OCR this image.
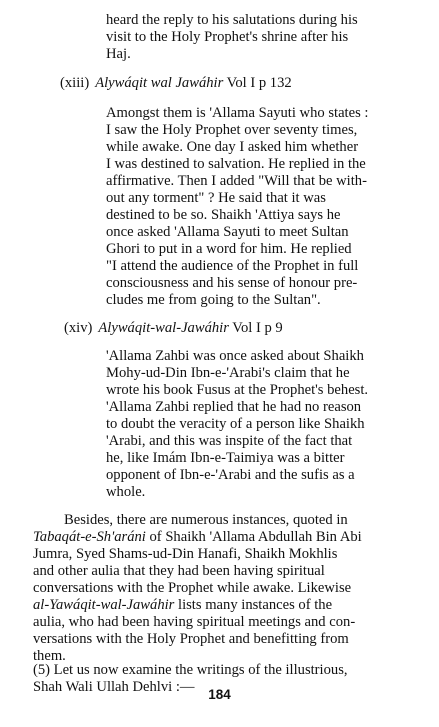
heard the reply to his salutations during his
visit to the Holy Prophet's shrine after his
Haj.
(xiii) Alywáqit wal Jawáhir Vol I p 132
Amongst them is 'Allama Sayuti who states :
I saw the Holy Prophet over seventy times,
while awake. One day I asked him whether
I was destined to salvation. He replied in the
affirmative. Then I added "Will that be with-
out any torment" ? He said that it was
destined to be so. Shaikh 'Attiya says he
once asked 'Allama Sayuti to meet Sultan
Ghori to put in a word for him. He replied
"I attend the audience of the Prophet in full
consciousness and his sense of honour pre-
cludes me from going to the Sultan".
(xiv) Alywáqit-wal-Jawáhir Vol I p 9
'Allama Zahbi was once asked about Shaikh
Mohy-ud-Din Ibn-e-'Arabi's claim that he
wrote his book Fusus at the Prophet's behest.
'Allama Zahbi replied that he had no reason
to doubt the veracity of a person like Shaikh
'Arabi, and this was inspite of the fact that
he, like Imám Ibn-e-Taimiya was a bitter
opponent of Ibn-e-'Arabi and the sufis as a
whole.
Besides, there are numerous instances, quoted in
Tabaqát-e-Sh'aráni of Shaikh 'Allama Abdullah Bin Abi
Jumra, Syed Shams-ud-Din Hanafi, Shaikh Mokhlis
and other aulia that they had been having spiritual
conversations with the Prophet while awake. Likewise
al-Yawáqit-wal-Jawáhir lists many instances of the
aulia, who had been having spiritual meetings and con-
versations with the Holy Prophet and benefitting from
them.
184
(5) Let us now examine the writings of the illustrious,
Shah Wali Ullah Dehlvi :—
